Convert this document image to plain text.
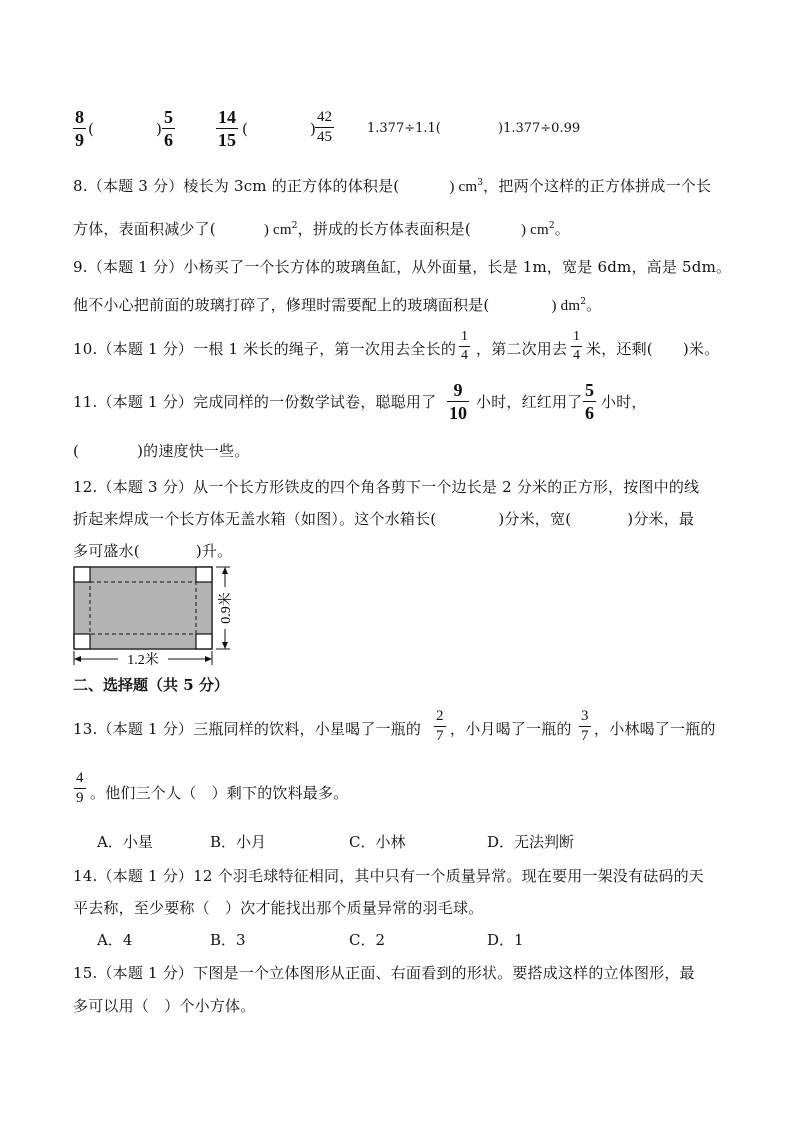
8
9
(	)
5
6
14
15
(	)
42
45
1.377÷1.1(	)1.377÷0.99
8.（本题 3 分）棱长为 3cm 的正方体的体积是(	) $cm^3$，把两个这样的正方体拼成一个长
方体，表面积减少了(	) $cm^2$，拼成的长方体表面积是(	) $cm^2$。
9.（本题 1 分）小杨买了一个长方体的玻璃鱼缸，从外面量，长是 1m，宽是 6dm，高是 5dm。
他不小心把前面的玻璃打碎了，修理时需要配上的玻璃面积是(	) $dm^2$。
10.（本题 1 分）一根 1 米长的绳子，第一次用去全长的
1
4 ，第二次用去
1
4 米，还剩( )米。
11.（本题 1 分）完成同样的一份数学试卷，聪聪用了
9
10
小时，红红用了
5
6
小时，
(	)的速度快一些。
12.（本题 3 分）从一个长方形铁皮的四个角各剪下一个边长是 2 分米的正方形，按图中的线
折起来焊成一个长方体无盖水箱（如图）。这个水箱长(	)分米，宽(	)分米，最
多可盛水(	)升。
1.2米
0.9米
二、选择题（共 5 分）
13.（本题 1 分）三瓶同样的饮料，小星喝了一瓶的
2
7 ，小月喝了一瓶的
3
7 ，小林喝了一瓶的
4
9 。他们三个人（　）剩下的饮料最多。
A．小星	B．小月	C．小林	D．无法判断
14.（本题 1 分）12 个羽毛球特征相同，其中只有一个质量异常。现在要用一架没有砝码的天
平去称，至少要称（　）次才能找出那个质量异常的羽毛球。
A．4	B．3	C．2	D．1
15.（本题 1 分）下图是一个立体图形从正面、右面看到的形状。要搭成这样的立体图形，最
多可以用（　）个小方体。
